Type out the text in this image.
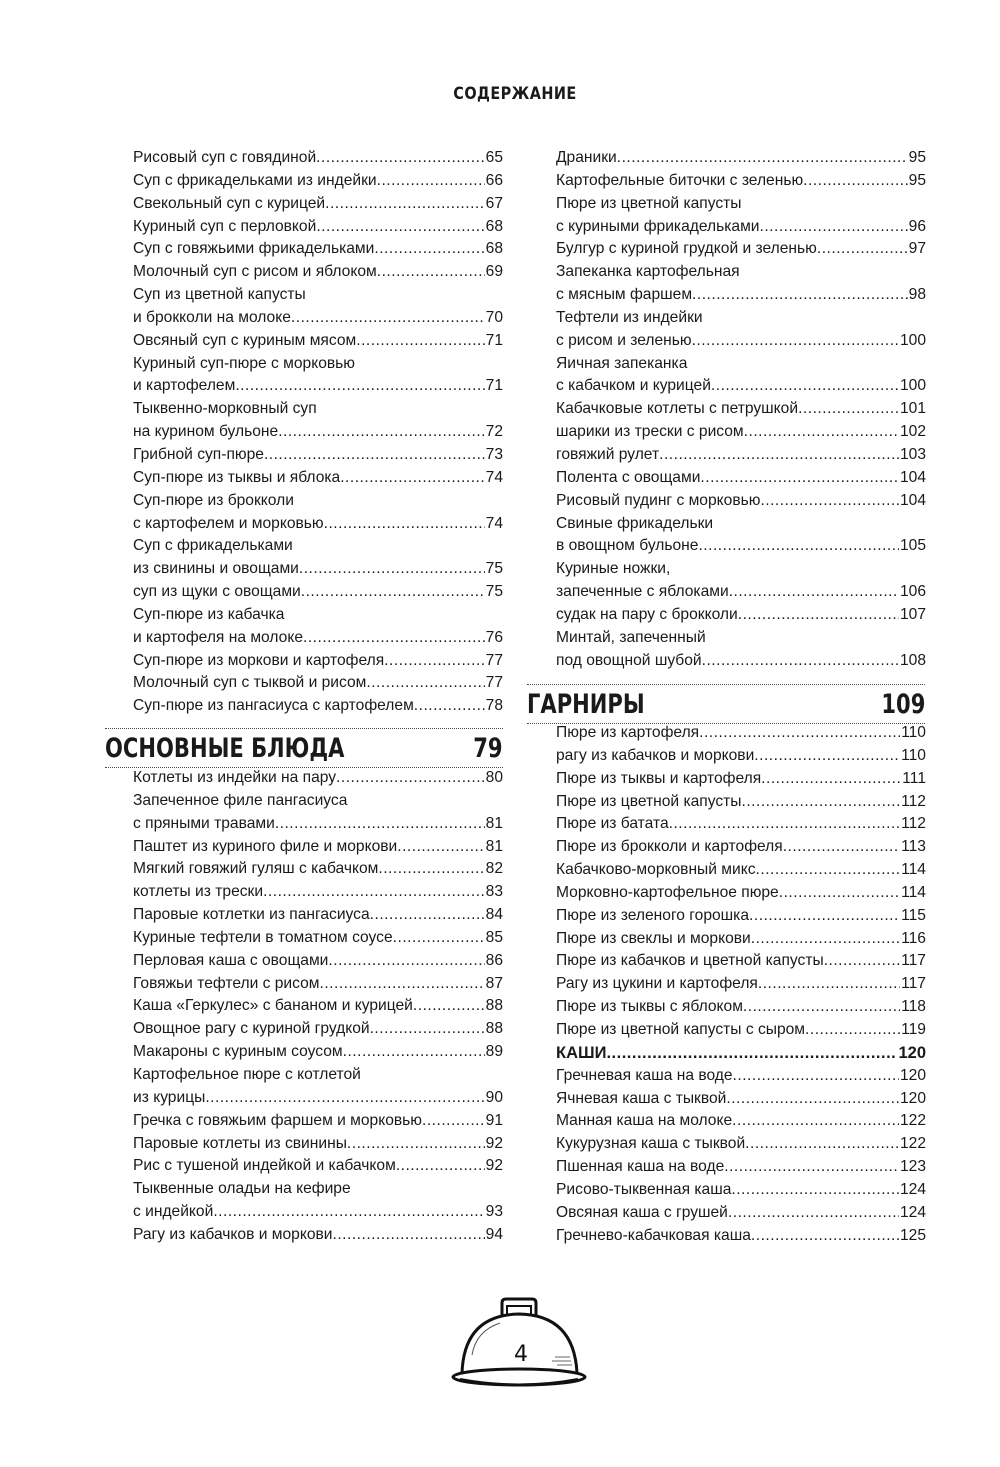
СОДЕРЖАНИЕ
Рисовый суп с говядиной .....	65
Суп с фрикадельками из индейки .....	66
Свекольный суп с курицей .....	67
Куриный суп с перловкой .....	68
Суп с говяжьими фрикадельками .....	68
Молочный суп с рисом и яблоком .....	69
Суп из цветной капусты
и брокколи на молоке .....	70
Овсяный суп с куриным мясом .....	71
Куриный суп-пюре с морковью
и картофелем .....	71
Тыквенно-морковный суп
на курином бульоне .....	72
Грибной суп-пюре .....	73
Суп-пюре из тыквы и яблока .....	74
Суп-пюре из брокколи
с картофелем и морковью .....	74
Суп с фрикадельками
из свинины и овощами .....	75
суп из щуки с овощами .....	75
Суп-пюре из кабачка
и картофеля на молоке .....	76
Суп-пюре из моркови и картофеля .....	77
Молочный суп с тыквой и рисом .....	77
Суп-пюре из пангасиуса с картофелем .....	78
ОСНОВНЫЕ БЛЮДА	79
Котлеты из индейки на пару .....	80
Запеченное филе пангасиуса
с пряными травами .....	81
Паштет из куриного филе и моркови .....	81
Мягкий говяжий гуляш с кабачком .....	82
котлеты из трески .....	83
Паровые котлетки из пангасиуса .....	84
Куриные тефтели в томатном соусе .....	85
Перловая каша с овощами .....	86
Говяжьи тефтели с рисом .....	87
Каша «Геркулес» с бананом и курицей .....	88
Овощное рагу с куриной грудкой .....	88
Макароны с куриным соусом .....	89
Картофельное пюре с котлетой
из курицы .....	90
Гречка с говяжьим фаршем и морковью .....	91
Паровые котлеты из свинины .....	92
Рис с тушеной индейкой и кабачком .....	92
Тыквенные оладьи на кефире
с индейкой .....	93
Рагу из кабачков и моркови .....	94
Драники .....	95
Картофельные биточки с зеленью .....	95
Пюре из цветной капусты
с куриными фрикадельками .....	96
Булгур с куриной грудкой и зеленью .....	97
Запеканка картофельная
с мясным фаршем .....	98
Тефтели из индейки
с рисом и зеленью .....	100
Яичная запеканка
с кабачком и курицей .....	100
Кабачковые котлеты с петрушкой .....	101
шарики из трески с рисом .....	102
говяжий рулет .....	103
Полента с овощами .....	104
Рисовый пудинг с морковью .....	104
Свиные фрикадельки
в овощном бульоне .....	105
Куриные ножки,
запеченные с яблоками .....	106
судак на пару с брокколи .....	107
Минтай, запеченный
под овощной шубой .....	108
ГАРНИРЫ	109
Пюре из картофеля .....	110
рагу из кабачков и моркови .....	110
Пюре из тыквы и картофеля .....	111
Пюре из цветной капусты .....	112
Пюре из батата .....	112
Пюре из брокколи и картофеля .....	113
Кабачково-морковный микс .....	114
Морковно-картофельное пюре .....	114
Пюре из зеленого горошка .....	115
Пюре из свеклы и моркови .....	116
Пюре из кабачков и цветной капусты .....	117
Рагу из цукини и картофеля .....	117
Пюре из тыквы с яблоком .....	118
Пюре из цветной капусты с сыром .....	119
КАШИ .....	120
Гречневая каша на воде .....	120
Ячневая каша с тыквой .....	120
Манная каша на молоке .....	122
Кукурузная каша с тыквой .....	122
Пшенная каша на воде .....	123
Рисово-тыквенная каша .....	124
Овсяная каша с грушей .....	124
Гречнево-кабачковая каша .....	125
4
